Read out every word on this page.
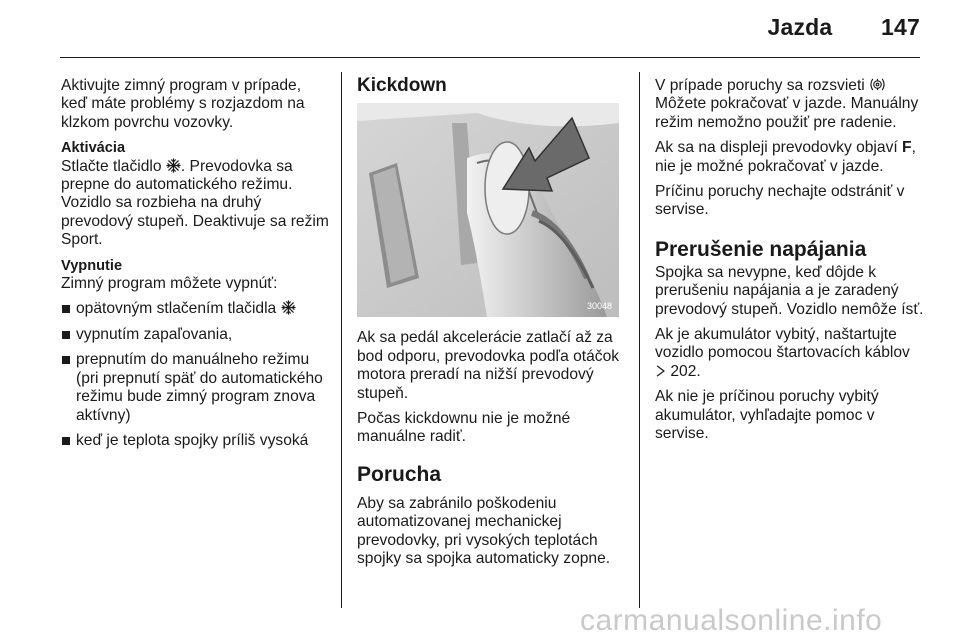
Jazda 147

Aktivujte zimný program v prípade, keď máte problémy s rozjazdom na klzkom povrchu vozovky.

Aktivácia

Stlačte tlačidlo . Prevodovka sa prepne do automatického režimu. Vozidlo sa rozbieha na druhý prevodový stupeň. Deaktivuje sa režim Sport.

Vypnutie

Zimný program môžete vypnúť:

opätovným stlačením tlačidla
vypnutím zapaľovania,
prepnutím do manuálneho režimu (pri prepnutí späť do automatického režimu bude zimný program znova aktívny)
keď je teplota spojky príliš vysoká

Kickdown

30048

Ak sa pedál akcelerácie zatlačí až za bod odporu, prevodovka podľa otáčok motora preradí na nižší prevodový stupeň.

Počas kickdownu nie je možné manuálne radiť.

Porucha

Aby sa zabránilo poškodeniu automatizovanej mechanickej prevodovky, pri vysokých teplotách spojky sa spojka automaticky zopne.

V prípade poruchy sa rozsvieti

Môžete pokračovať v jazde. Manuálny režim nemožno použiť pre radenie.

Ak sa na displeji prevodovky objaví F, nie je možné pokračovať v jazde.

Príčinu poruchy nechajte odstrániť v servise.

Prerušenie napájania

Spojka sa nevypne, keď dôjde k prerušeniu napájania a je zaradený prevodový stupeň. Vozidlo nemôže ísť.

Ak je akumulátor vybitý, naštartujte vozidlo pomocou štartovacích káblov  202.

Ak nie je príčinou poruchy vybitý akumulátor, vyhľadajte pomoc v servise.

carmanualsonline.info
